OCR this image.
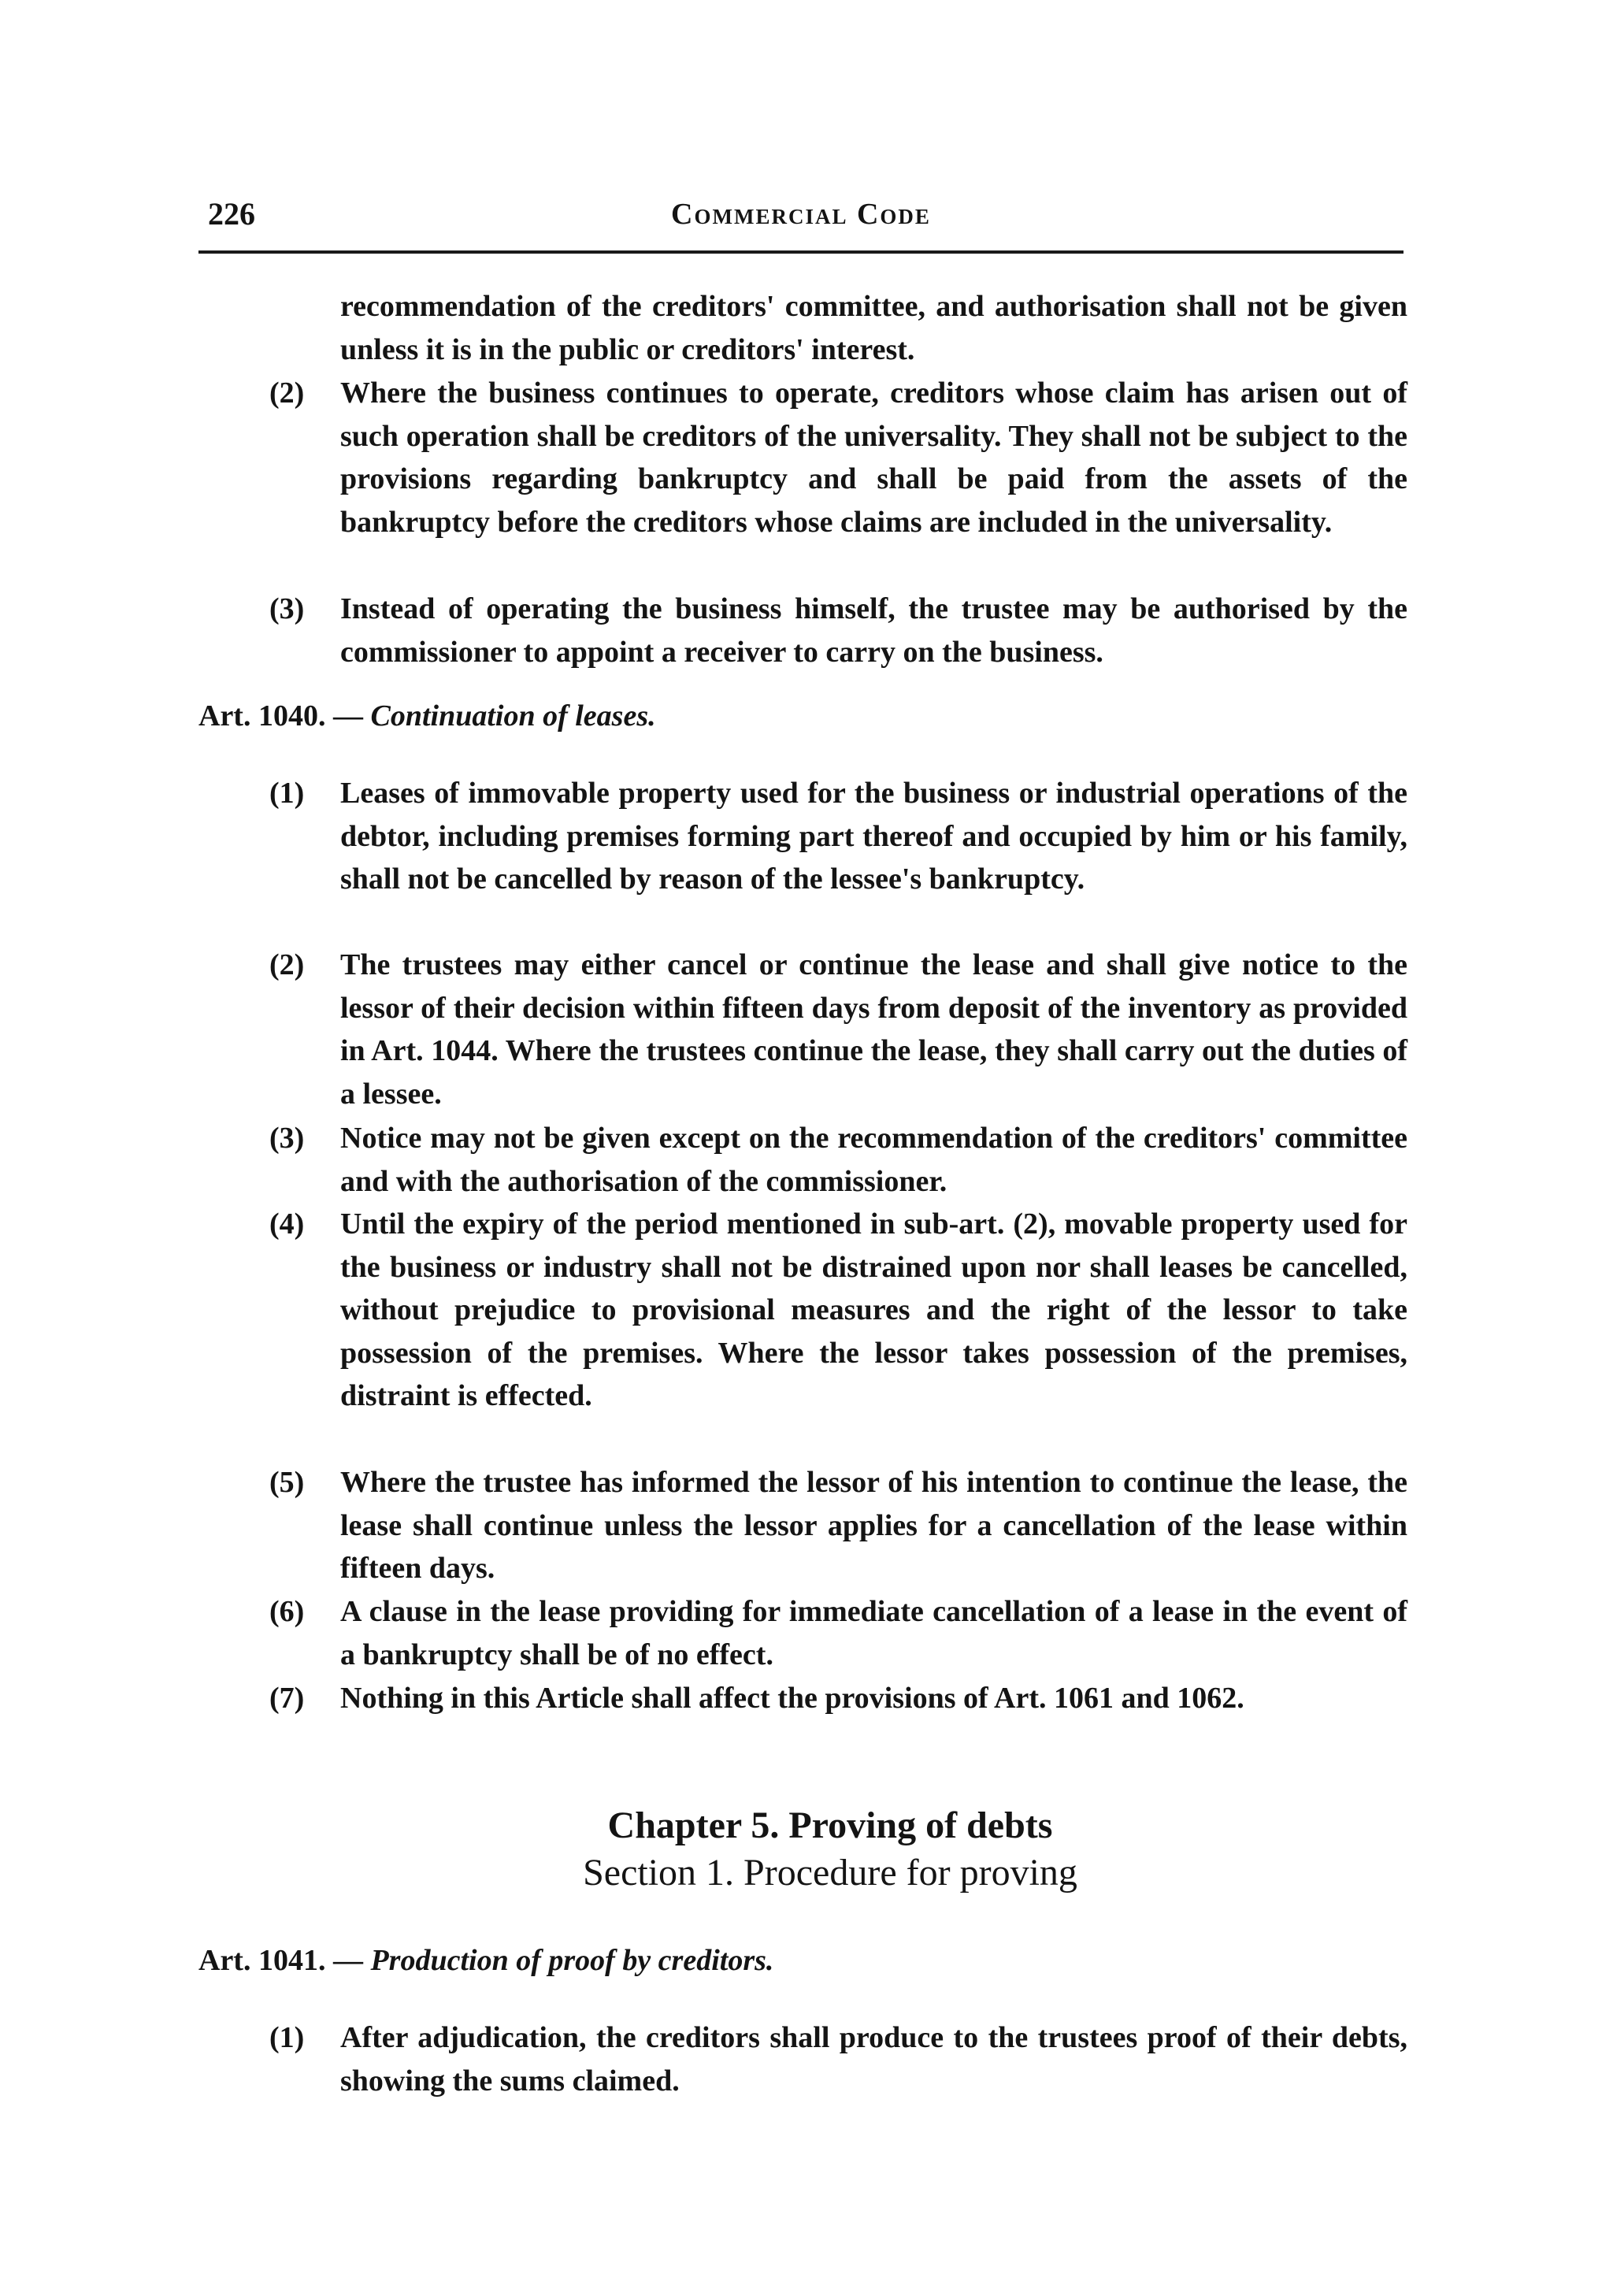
226	Commercial Code
recommendation of the creditors' committee, and authorisation shall not be given unless it is in the public or creditors' interest.
(2) Where the business continues to operate, creditors whose claim has arisen out of such operation shall be creditors of the universality. They shall not be subject to the provisions regarding bankruptcy and shall be paid from the assets of the bankruptcy before the creditors whose claims are included in the universality.
(3) Instead of operating the business himself, the trustee may be authorised by the commissioner to appoint a receiver to carry on the business.
Art. 1040. — Continuation of leases.
(1) Leases of immovable property used for the business or industrial operations of the debtor, including premises forming part thereof and occupied by him or his family, shall not be cancelled by reason of the lessee's bankruptcy.
(2) The trustees may either cancel or continue the lease and shall give notice to the lessor of their decision within fifteen days from deposit of the inventory as provided in Art. 1044. Where the trustees continue the lease, they shall carry out the duties of a lessee.
(3) Notice may not be given except on the recommendation of the creditors' committee and with the authorisation of the commissioner.
(4) Until the expiry of the period mentioned in sub-art. (2), movable property used for the business or industry shall not be distrained upon nor shall leases be cancelled, without prejudice to provisional measures and the right of the lessor to take possession of the premises. Where the lessor takes possession of the premises, distraint is effected.
(5) Where the trustee has informed the lessor of his intention to continue the lease, the lease shall continue unless the lessor applies for a cancellation of the lease within fifteen days.
(6) A clause in the lease providing for immediate cancellation of a lease in the event of a bankruptcy shall be of no effect.
(7) Nothing in this Article shall affect the provisions of Art. 1061 and 1062.
Chapter 5. Proving of debts
Section 1. Procedure for proving
Art. 1041. — Production of proof by creditors.
(1) After adjudication, the creditors shall produce to the trustees proof of their debts, showing the sums claimed.
